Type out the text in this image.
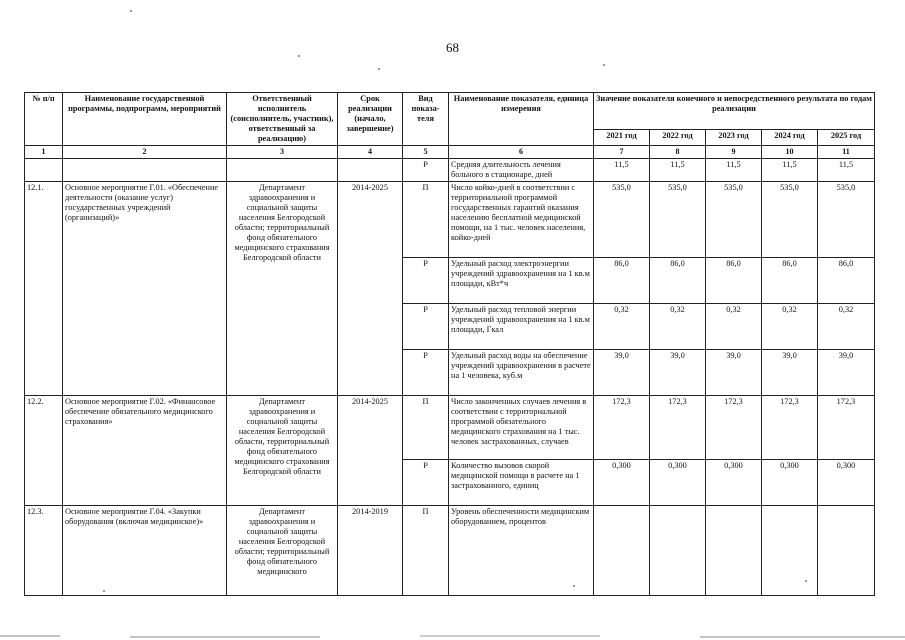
68
№ п/п	Наименование государственной программы, подпрограмм, мероприятий	Ответственный исполнитель (соисполнитель, участник), ответственный за реализацию)	Срок реализации (начало, завершение)	Вид показа-теля	Наименование показателя, единица измерения	Значение показателя конечного и непосредственного результата по годам реализации				
						2021 год	2022 год	2023 год	2024 год	2025 год
1	2	3	4	5	6	7	8	9	10	11
				Р	Средняя длительность лечения больного в стационаре, дней	11,5	11,5	11,5	11,5	11,5
12.1.	Основное мероприятие Г.01. «Обеспечение деятельности (оказание услуг) государственных учреждений (организаций)»	Департамент здравоохранения и социальной защиты населения Белгородской области; территориальный фонд обязательного медицинского страхования Белгородской области	2014-2025	П	Число койко-дней в соответствии с территориальной программой государственных гарантий оказания населению бесплатной медицинской помощи, на 1 тыс. человек населения, койко-дней	535,0	535,0	535,0	535,0	535,0
				Р	Удельный расход электроэнергии учреждений здравоохранения на 1 кв.м площади, кВт*ч	86,0	86,0	86,0	86,0	86,0
				Р	Удельный расход тепловой энергии учреждений здравоохранения на 1 кв.м площади, Гкал	0,32	0,32	0,32	0,32	0,32
				Р	Удельный расход воды на обеспечение учреждений здравоохранения в расчете на 1 человека, куб.м	39,0	39,0	39,0	39,0	39,0
12.2.	Основное мероприятие Г.02. «Финансовое обеспечение обязательного медицинского страхования»	Департамент здравоохранения и социальной защиты населения Белгородской области, территориальный фонд обязательного медицинского страхования Белгородской области	2014-2025	П	Число законченных случаев лечения в соответствии с территориальной программой обязательного медицинского страхования на 1 тыс. человек застрахованных, случаев	172,3	172,3	172,3	172,3	172,3
				Р	Количество вызовов скорой медицинской помощи в расчете на 1 застрахованного, единиц	0,300	0,300	0,300	0,300	0,300
12.3.	Основное мероприятие Г.04. «Закупки оборудования (включая медицинское)»	Департамент здравоохранения и социальной защиты населения Белгородской области; территориальный фонд обязательного медицинского	2014-2019	П	Уровень обеспеченности медицинским оборудованием, процентов					
